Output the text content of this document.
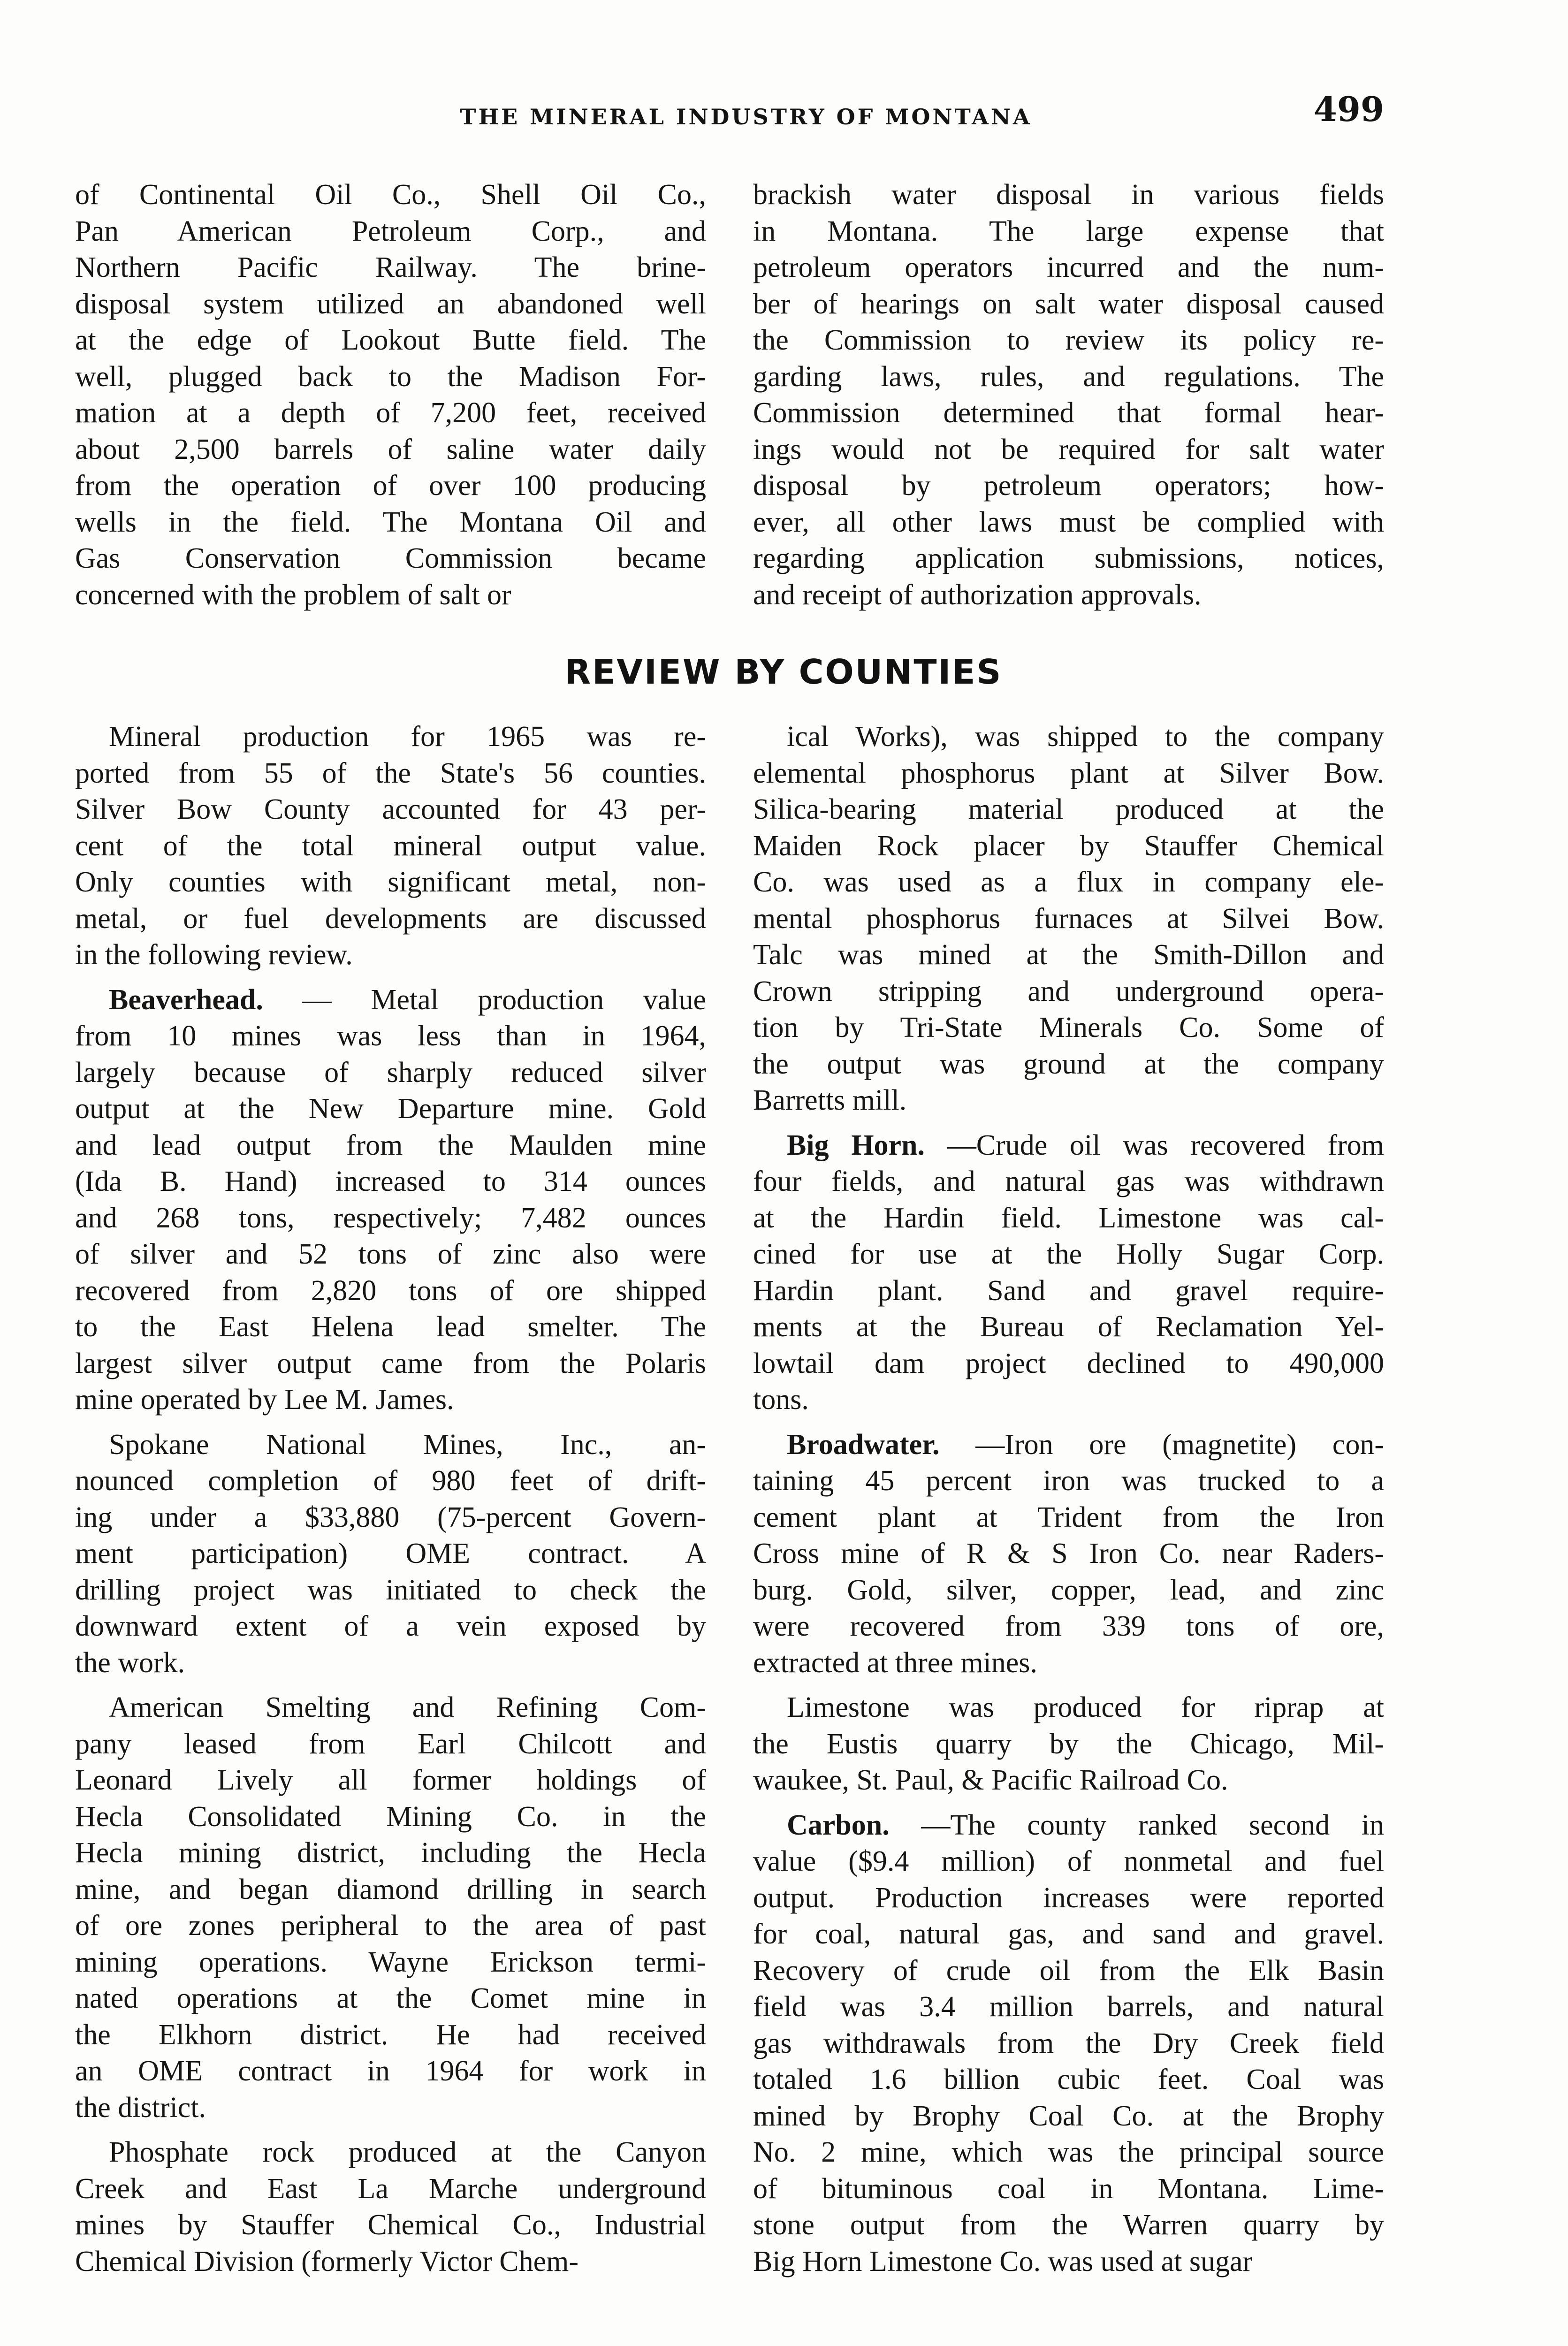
THE MINERAL INDUSTRY OF MONTANA	499
of Continental Oil Co., Shell Oil Co.,
Pan American Petroleum Corp., and
Northern Pacific Railway. The brine-
disposal system utilized an abandoned well
at the edge of Lookout Butte field. The
well, plugged back to the Madison For-
mation at a depth of 7,200 feet, received
about 2,500 barrels of saline water daily
from the operation of over 100 producing
wells in the field. The Montana Oil and
Gas Conservation Commission became
concerned with the problem of salt or
brackish water disposal in various fields
in Montana. The large expense that
petroleum operators incurred and the num-
ber of hearings on salt water disposal caused
the Commission to review its policy re-
garding laws, rules, and regulations. The
Commission determined that formal hear-
ings would not be required for salt water
disposal by petroleum operators; how-
ever, all other laws must be complied with
regarding application submissions, notices,
and receipt of authorization approvals.
REVIEW BY COUNTIES
Mineral production for 1965 was re-
ported from 55 of the State's 56 counties.
Silver Bow County accounted for 43 per-
cent of the total mineral output value.
Only counties with significant metal, non-
metal, or fuel developments are discussed
in the following review.
Beaverhead. — Metal production value
from 10 mines was less than in 1964,
largely because of sharply reduced silver
output at the New Departure mine. Gold
and lead output from the Maulden mine
(Ida B. Hand) increased to 314 ounces
and 268 tons, respectively; 7,482 ounces
of silver and 52 tons of zinc also were
recovered from 2,820 tons of ore shipped
to the East Helena lead smelter. The
largest silver output came from the Polaris
mine operated by Lee M. James.
Spokane National Mines, Inc., an-
nounced completion of 980 feet of drift-
ing under a $33,880 (75-percent Govern-
ment participation) OME contract. A
drilling project was initiated to check the
downward extent of a vein exposed by
the work.
American Smelting and Refining Com-
pany leased from Earl Chilcott and
Leonard Lively all former holdings of
Hecla Consolidated Mining Co. in the
Hecla mining district, including the Hecla
mine, and began diamond drilling in search
of ore zones peripheral to the area of past
mining operations. Wayne Erickson termi-
nated operations at the Comet mine in
the Elkhorn district. He had received
an OME contract in 1964 for work in
the district.
Phosphate rock produced at the Canyon
Creek and East La Marche underground
mines by Stauffer Chemical Co., Industrial
Chemical Division (formerly Victor Chem-
ical Works), was shipped to the company
elemental phosphorus plant at Silver Bow.
Silica-bearing material produced at the
Maiden Rock placer by Stauffer Chemical
Co. was used as a flux in company ele-
mental phosphorus furnaces at Silvei Bow.
Talc was mined at the Smith-Dillon and
Crown stripping and underground opera-
tion by Tri-State Minerals Co. Some of
the output was ground at the company
Barretts mill.
Big Horn. —Crude oil was recovered from
four fields, and natural gas was withdrawn
at the Hardin field. Limestone was cal-
cined for use at the Holly Sugar Corp.
Hardin plant. Sand and gravel require-
ments at the Bureau of Reclamation Yel-
lowtail dam project declined to 490,000
tons.
Broadwater. —Iron ore (magnetite) con-
taining 45 percent iron was trucked to a
cement plant at Trident from the Iron
Cross mine of R & S Iron Co. near Raders-
burg. Gold, silver, copper, lead, and zinc
were recovered from 339 tons of ore,
extracted at three mines.
Limestone was produced for riprap at
the Eustis quarry by the Chicago, Mil-
waukee, St. Paul, & Pacific Railroad Co.
Carbon. —The county ranked second in
value ($9.4 million) of nonmetal and fuel
output. Production increases were reported
for coal, natural gas, and sand and gravel.
Recovery of crude oil from the Elk Basin
field was 3.4 million barrels, and natural
gas withdrawals from the Dry Creek field
totaled 1.6 billion cubic feet. Coal was
mined by Brophy Coal Co. at the Brophy
No. 2 mine, which was the principal source
of bituminous coal in Montana. Lime-
stone output from the Warren quarry by
Big Horn Limestone Co. was used at sugar
